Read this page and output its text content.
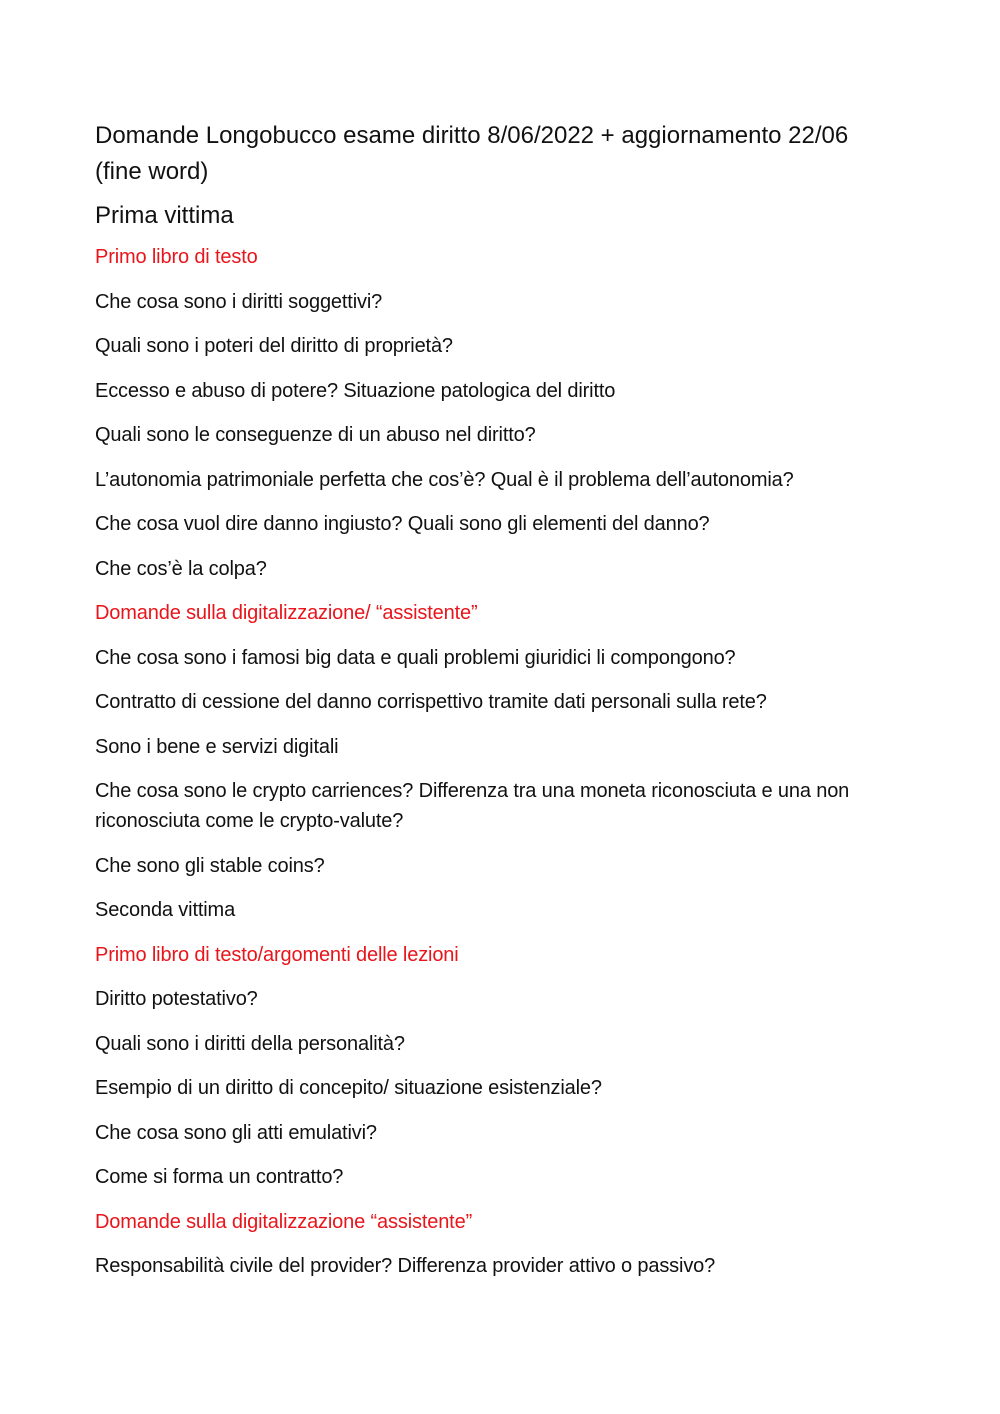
Domande Longobucco esame diritto 8/06/2022 + aggiornamento 22/06 (fine word)

Prima vittima

Primo libro di testo

Che cosa sono i diritti soggettivi?

Quali sono i poteri del diritto di proprietà?

Eccesso e abuso di potere? Situazione patologica del diritto

Quali sono le conseguenze di un abuso nel diritto?

L’autonomia patrimoniale perfetta che cos’è? Qual è il problema dell’autonomia?

Che cosa vuol dire danno ingiusto? Quali sono gli elementi del danno?

Che cos’è la colpa?

Domande sulla digitalizzazione/ “assistente”

Che cosa sono i famosi big data e quali problemi giuridici li compongono?

Contratto di cessione del danno corrispettivo tramite dati personali sulla rete?

Sono i bene e servizi digitali

Che cosa sono le crypto carriences? Differenza tra una moneta riconosciuta e una non riconosciuta come le crypto-valute?

Che sono gli stable coins?

Seconda vittima

Primo libro di testo/argomenti delle lezioni

Diritto potestativo?

Quali sono i diritti della personalità?

Esempio di un diritto di concepito/ situazione esistenziale?

Che cosa sono gli atti emulativi?

Come si forma un contratto?

Domande sulla digitalizzazione “assistente”

Responsabilità civile del provider? Differenza provider attivo o passivo?
